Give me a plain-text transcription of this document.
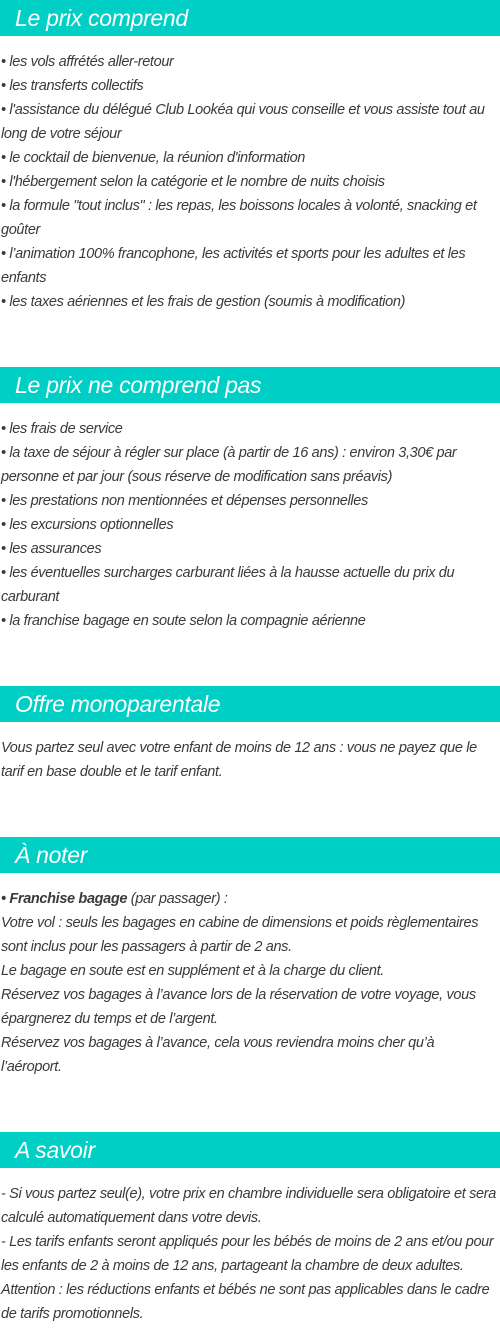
Le prix comprend
• les vols affrétés aller-retour
• les transferts collectifs
• l'assistance du délégué Club Lookéa qui vous conseille et vous assiste tout au long de votre séjour
• le cocktail de bienvenue, la réunion d'information
• l'hébergement selon la catégorie et le nombre de nuits choisis
• la formule "tout inclus" : les repas, les boissons locales à volonté, snacking et goûter
• l’animation 100% francophone, les activités et sports pour les adultes et les enfants
• les taxes aériennes et les frais de gestion (soumis à modification)
Le prix ne comprend pas
• les frais de service
• la taxe de séjour à régler sur place (à partir de 16 ans) : environ 3,30€ par personne et par jour (sous réserve de modification sans préavis)
• les prestations non mentionnées et dépenses personnelles
• les excursions optionnelles
• les assurances
• les éventuelles surcharges carburant liées à la hausse actuelle du prix du carburant
• la franchise bagage en soute selon la compagnie aérienne
Offre monoparentale
Vous partez seul avec votre enfant de moins de 12 ans : vous ne payez que le tarif en base double et le tarif enfant.
À noter
• Franchise bagage (par passager) :
Votre vol : seuls les bagages en cabine de dimensions et poids règlementaires sont inclus pour les passagers à partir de 2 ans.
Le bagage en soute est en supplément et à la charge du client.
Réservez vos bagages à l’avance lors de la réservation de votre voyage, vous épargnerez du temps et de l’argent.
Réservez vos bagages à l’avance, cela vous reviendra moins cher qu’à l’aéroport.
A savoir
- Si vous partez seul(e), votre prix en chambre individuelle sera obligatoire et sera calculé automatiquement dans votre devis.
- Les tarifs enfants seront appliqués pour les bébés de moins de 2 ans et/ou pour les enfants de 2 à moins de 12 ans, partageant la chambre de deux adultes.
Attention : les réductions enfants et bébés ne sont pas applicables dans le cadre de tarifs promotionnels.
